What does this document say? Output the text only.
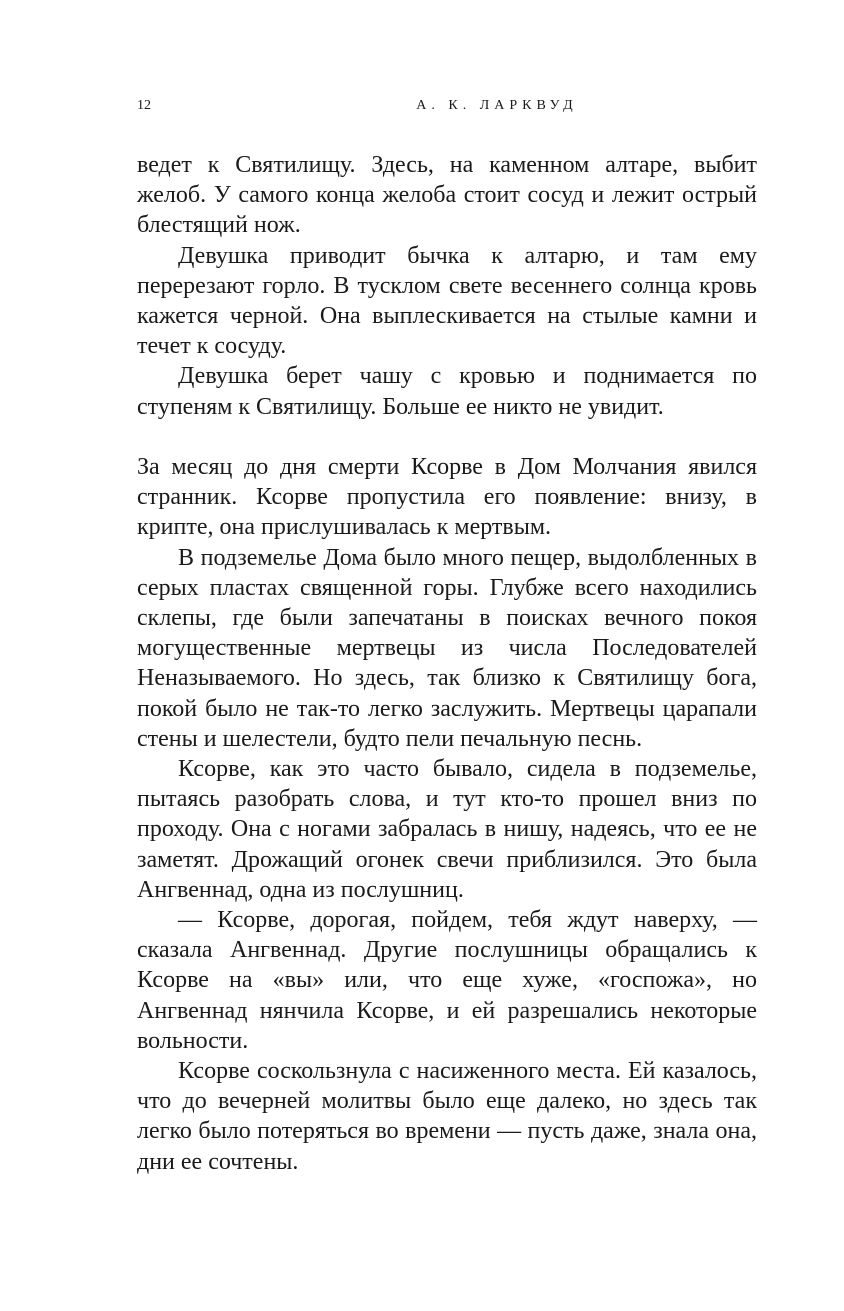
12	А. К. ЛАРКВУД

ведет к Святилищу. Здесь, на каменном алтаре, выбит желоб. У самого конца желоба стоит сосуд и лежит острый блестящий нож.

Девушка приводит бычка к алтарю, и там ему перерезают горло. В тусклом свете весеннего солнца кровь кажется черной. Она выплескивается на стылые камни и течет к сосуду.

Девушка берет чашу с кровью и поднимается по ступеням к Святилищу. Больше ее никто не увидит.

За месяц до дня смерти Ксорве в Дом Молчания явился странник. Ксорве пропустила его появление: внизу, в крипте, она прислушивалась к мертвым.

В подземелье Дома было много пещер, выдолбленных в серых пластах священной горы. Глубже всего находились склепы, где были запечатаны в поисках вечного покоя могущественные мертвецы из числа Последователей Неназываемого. Но здесь, так близко к Святилищу бога, покой было не так-то легко заслужить. Мертвецы царапали стены и шелестели, будто пели печальную песнь.

Ксорве, как это часто бывало, сидела в подземелье, пытаясь разобрать слова, и тут кто-то прошел вниз по проходу. Она с ногами забралась в нишу, надеясь, что ее не заметят. Дрожащий огонек свечи приблизился. Это была Ангвеннад, одна из послушниц.

— Ксорве, дорогая, пойдем, тебя ждут наверху, — сказала Ангвеннад. Другие послушницы обращались к Ксорве на «вы» или, что еще хуже, «госпожа», но Ангвеннад нянчила Ксорве, и ей разрешались некоторые вольности.

Ксорве соскользнула с насиженного места. Ей казалось, что до вечерней молитвы было еще далеко, но здесь так легко было потеряться во времени — пусть даже, знала она, дни ее сочтены.
